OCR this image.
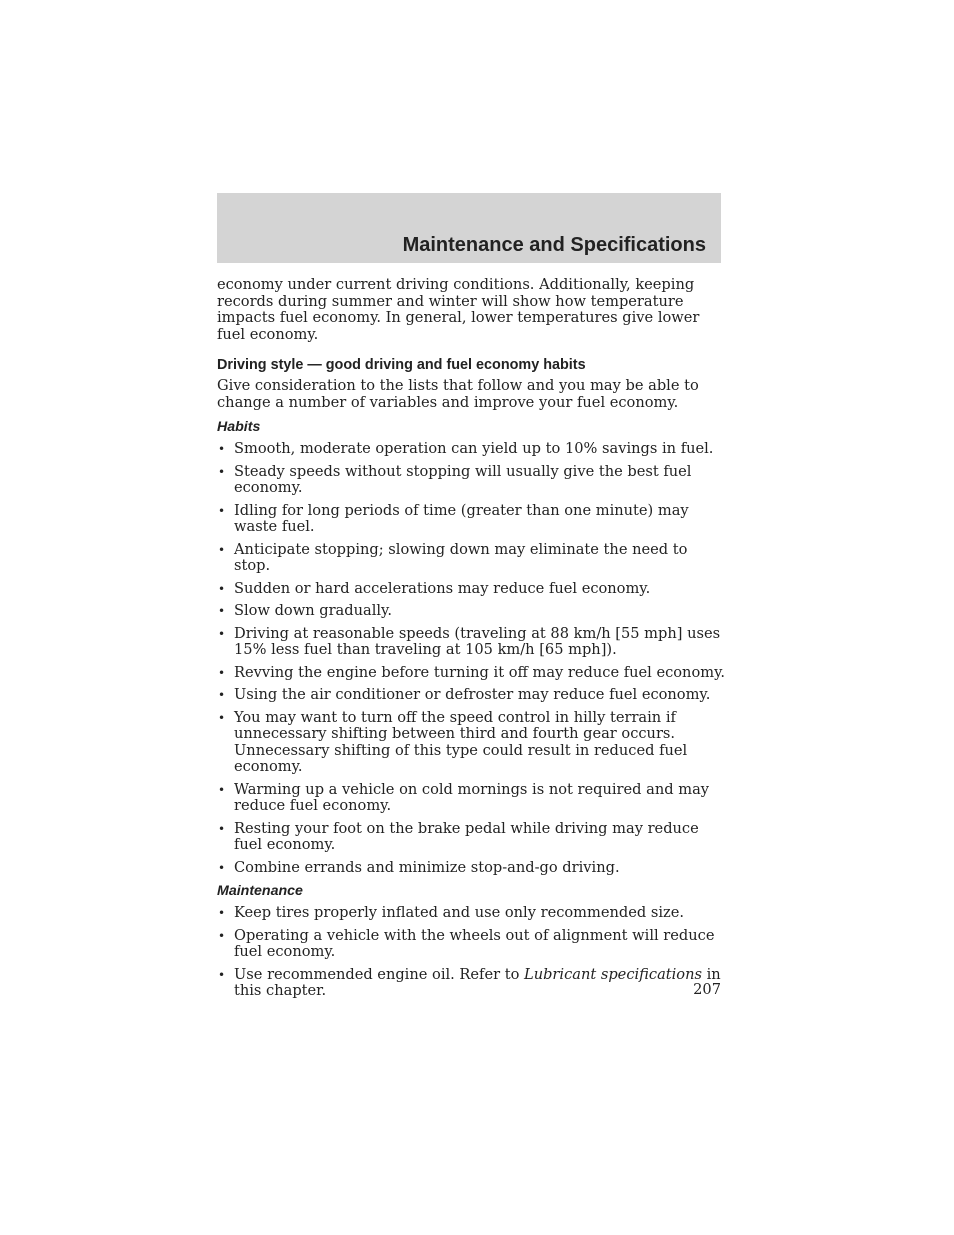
Maintenance and Specifications

economy under current driving conditions. Additionally, keeping records during summer and winter will show how temperature impacts fuel economy. In general, lower temperatures give lower fuel economy.

Driving style — good driving and fuel economy habits

Give consideration to the lists that follow and you may be able to change a number of variables and improve your fuel economy.

Habits
• Smooth, moderate operation can yield up to 10% savings in fuel.
• Steady speeds without stopping will usually give the best fuel economy.
• Idling for long periods of time (greater than one minute) may waste fuel.
• Anticipate stopping; slowing down may eliminate the need to stop.
• Sudden or hard accelerations may reduce fuel economy.
• Slow down gradually.
• Driving at reasonable speeds (traveling at 88 km/h [55 mph] uses 15% less fuel than traveling at 105 km/h [65 mph]).
• Revving the engine before turning it off may reduce fuel economy.
• Using the air conditioner or defroster may reduce fuel economy.
• You may want to turn off the speed control in hilly terrain if unnecessary shifting between third and fourth gear occurs. Unnecessary shifting of this type could result in reduced fuel economy.
• Warming up a vehicle on cold mornings is not required and may reduce fuel economy.
• Resting your foot on the brake pedal while driving may reduce fuel economy.
• Combine errands and minimize stop-and-go driving.
Maintenance
• Keep tires properly inflated and use only recommended size.
• Operating a vehicle with the wheels out of alignment will reduce fuel economy.
• Use recommended engine oil. Refer to Lubricant specifications in this chapter.	207
